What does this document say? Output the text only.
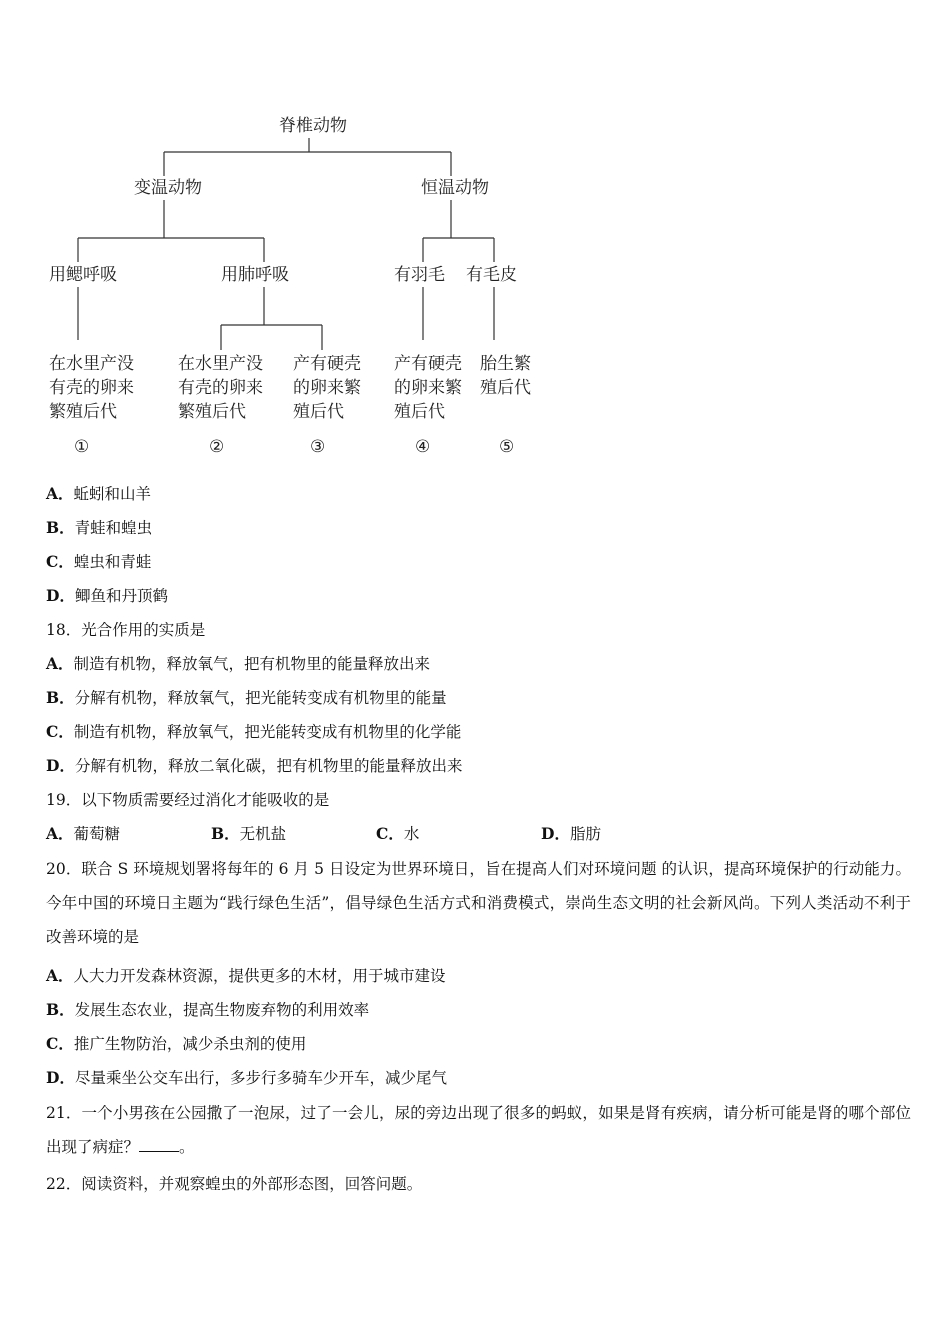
脊椎动物
变温动物	恒温动物
用鳃呼吸	用肺呼吸	有羽毛 有毛皮
在水里产没
有壳的卵来
繁殖后代
在水里产没
有壳的卵来
繁殖后代
产有硬壳
的卵来繁
殖后代
产有硬壳
的卵来繁
殖后代
胎生繁
殖后代
①	②	③	④	⑤
A．蚯蚓和山羊
B．青蛙和蝗虫
C．蝗虫和青蛙
D．鲫鱼和丹顶鹤
18．光合作用的实质是
A．制造有机物，释放氧气，把有机物里的能量释放出来
B．分解有机物，释放氧气，把光能转变成有机物里的能量
C．制造有机物，释放氧气，把光能转变成有机物里的化学能
D．分解有机物，释放二氧化碳，把有机物里的能量释放出来
19．以下物质需要经过消化才能吸收的是
A．葡萄糖	B．无机盐	C．水	D．脂肪
20．联合 S 环境规划署将每年的 6 月 5 日设定为世界环境日，旨在提高人们对环境问题 的认识，提高环境保护的行动能力。今年中国的环境日主题为“践行绿色生活”，倡导绿色生活方式和消费模式，崇尚生态文明的社会新风尚。下列人类活动不利于 改善环境的是
A．人大力开发森林资源，提供更多的木材，用于城市建设
B．发展生态农业，提高生物废弃物的利用效率
C．推广生物防治，减少杀虫剂的使用
D．尽量乘坐公交车出行，多步行多骑车少开车，减少尾气
21．一个小男孩在公园撒了一泡尿，过了一会儿，尿的旁边出现了很多的蚂蚁，如果是肾有疾病，请分析可能是肾的哪个部位出现了病症？	。
22．阅读资料，并观察蝗虫的外部形态图，回答问题。
